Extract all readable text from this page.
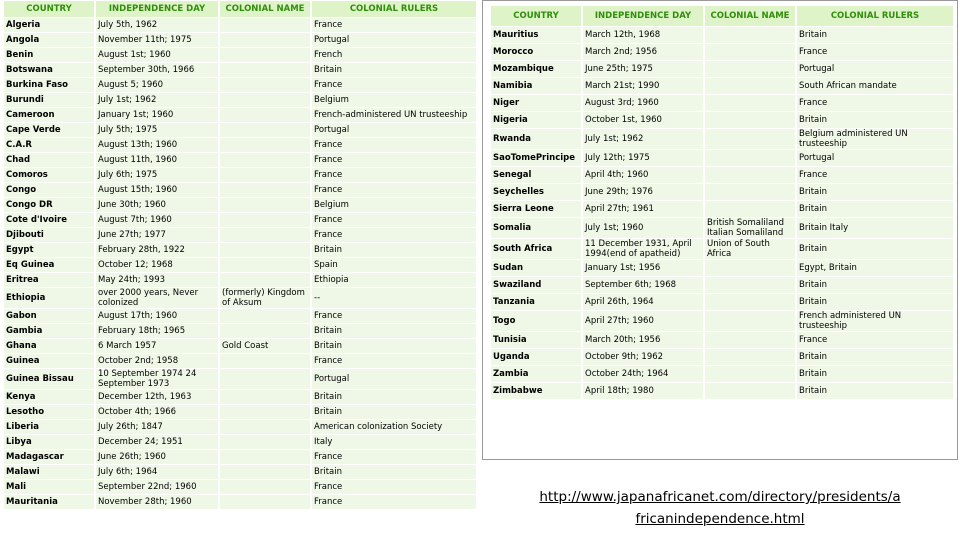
COUNTRY	INDEPENDENCE DAY	COLONIAL NAME	COLONIAL RULERS
Algeria	July 5th, 1962		France
Angola	November 11th; 1975		Portugal
Benin	August 1st; 1960		French
Botswana	September 30th, 1966		Britain
Burkina Faso	August 5; 1960		France
Burundi	July 1st; 1962		Belgium
Cameroon	January 1st; 1960		French-administered UN trusteeship
Cape Verde	July 5th; 1975		Portugal
C.A.R	August 13th; 1960		France
Chad	August 11th, 1960		France
Comoros	July 6th; 1975		France
Congo	August 15th; 1960		France
Congo DR	June 30th; 1960		Belgium
Cote d'Ivoire	August 7th; 1960		France
Djibouti	June 27th; 1977		France
Egypt	February 28th, 1922		Britain
Eq Guinea	October 12; 1968		Spain
Eritrea	May 24th; 1993		Ethiopia
Ethiopia	over 2000 years, Never colonized	(formerly) Kingdom of Aksum	--
Gabon	August 17th; 1960		France
Gambia	February 18th; 1965		Britain
Ghana	6 March 1957	Gold Coast	Britain
Guinea	October 2nd; 1958		France
Guinea Bissau	10 September 1974 24 September 1973		Portugal
Kenya	December 12th, 1963		Britain
Lesotho	October 4th; 1966		Britain
Liberia	July 26th; 1847		American colonization Society
Libya	December 24; 1951		Italy
Madagascar	June 26th; 1960		France
Malawi	July 6th; 1964		Britain
Mali	September 22nd; 1960		France
Mauritania	November 28th; 1960		France
COUNTRY	INDEPENDENCE DAY	COLONIAL NAME	COLONIAL RULERS
Mauritius	March 12th, 1968		Britain
Morocco	March 2nd; 1956		France
Mozambique	June 25th; 1975		Portugal
Namibia	March 21st; 1990		South African mandate
Niger	August 3rd; 1960		France
Nigeria	October 1st, 1960		Britain
Rwanda	July 1st; 1962		Belgium administered UN trusteeship
SaoTomePrincipe	July 12th; 1975		Portugal
Senegal	April 4th; 1960		France
Seychelles	June 29th; 1976		Britain
Sierra Leone	April 27th; 1961		Britain
Somalia	July 1st; 1960	British Somaliland Italian Somaliland	Britain Italy
South Africa	11 December 1931, April 1994(end of apatheid)	Union of South Africa	Britain
Sudan	January 1st; 1956		Egypt, Britain
Swaziland	September 6th; 1968		Britain
Tanzania	April 26th, 1964		Britain
Togo	April 27th; 1960		French administered UN trusteeship
Tunisia	March 20th; 1956		France
Uganda	October 9th; 1962		Britain
Zambia	October 24th; 1964		Britain
Zimbabwe	April 18th; 1980		Britain
http://www.japanafricanet.com/directory/presidents/a
fricanindependence.html
